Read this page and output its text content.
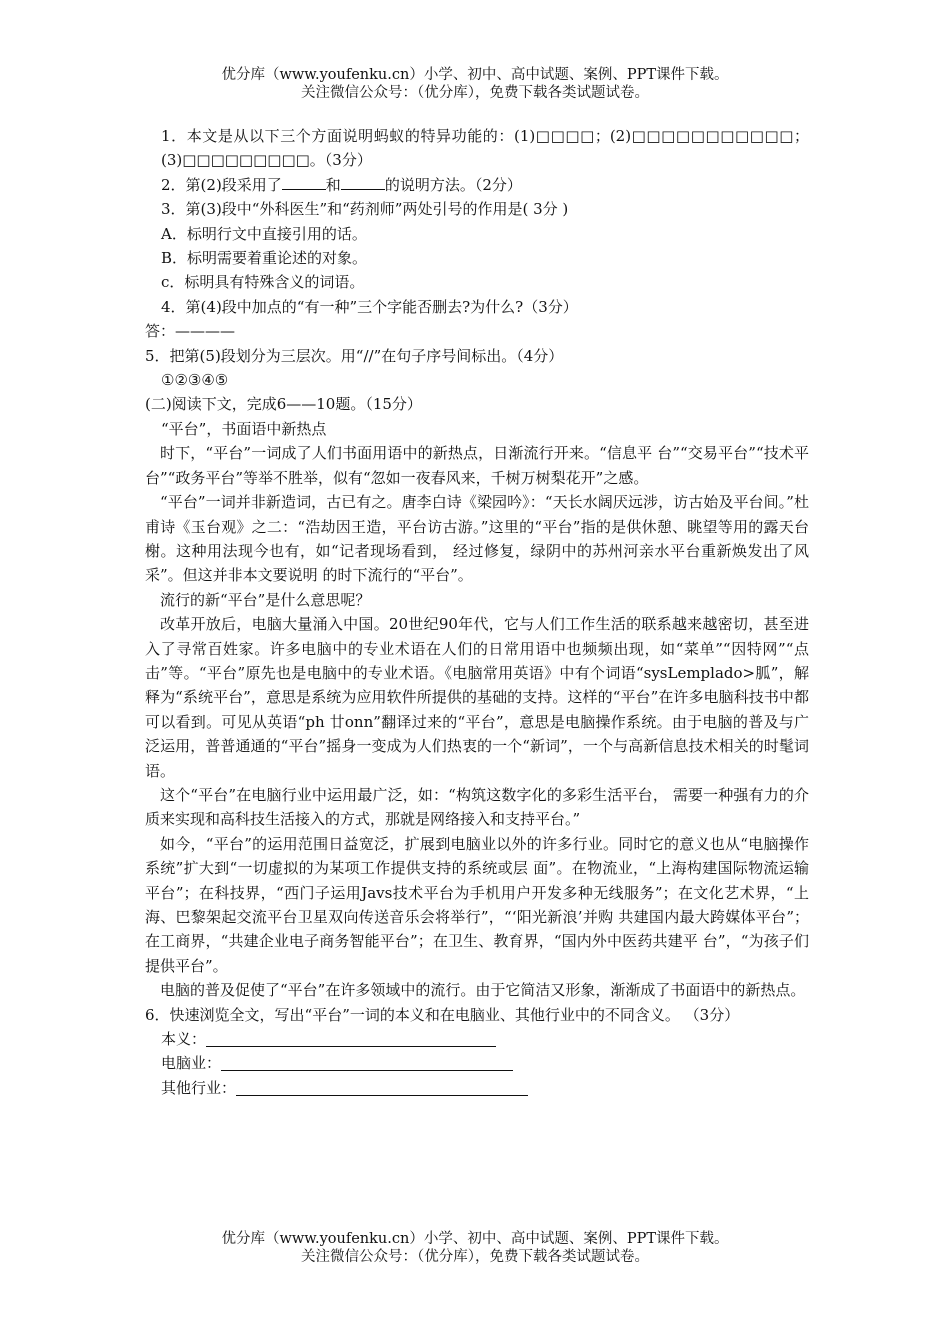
优分库（www.youfenku.cn）小学、初中、高中试题、案例、PPT课件下载。
关注微信公众号：（优分库），免费下载各类试题试卷。

1．本文是从以下三个方面说明蚂蚁的特异功能的：(1)□□□□；(2)□□□□□□□□□□□；(3)□□□□□□□□□。（3分）

2．第(2)段采用了	和	的说明方法。（2分）

3．第(3)段中“外科医生”和“药剂师”两处引号的作用是( 3分 )

A．标明行文中直接引用的话。

B．标明需要着重论述的对象。

c．标明具有特殊含义的词语。

4．第(4)段中加点的“有一种”三个字能否删去?为什么?（3分）

答：————

5．把第(5)段划分为三层次。用“//”在句子序号间标出。（4分）

①②③④⑤

(二)阅读下文，完成6——10题。（15分）

“平台”，书面语中新热点

时下，“平台”一词成了人们书面用语中的新热点，日渐流行开来。“信息平 台”“交易平台”“技术平台”“政务平台”等举不胜举，似有“忽如一夜春风来，千树万树梨花开”之感。

“平台”一词并非新造词，古已有之。唐李白诗《梁园吟》：“天长水阔厌远涉，访古始及平台间。”杜甫诗《玉台观》之二：“浩劫因王造，平台访古游。”这里的“平台”指的是供休憩、眺望等用的露天台榭。这种用法现今也有，如“记者现场看到， 经过修复，绿阴中的苏州河亲水平台重新焕发出了风采”。但这并非本文要说明 的时下流行的“平台”。

流行的新“平台”是什么意思呢？

改革开放后，电脑大量涌入中国。20世纪90年代，它与人们工作生活的联系越来越密切，甚至进入了寻常百姓家。许多电脑中的专业术语在人们的日常用语中也频频出现，如“菜单”“因特网”“点击”等。“平台”原先也是电脑中的专业术语。《电脑常用英语》中有个词语“sysLemplado>胍”，解释为“系统平台”，意思是系统为应用软件所提供的基础的支持。这样的“平台”在许多电脑科技书中都可以看到。可见从英语“ph 廿onn”翻译过来的“平台”，意思是电脑操作系统。由于电脑的普及与广泛运用，普普通通的“平台”摇身一变成为人们热衷的一个“新词”，一个与高新信息技术相关的时髦词语。

这个“平台”在电脑行业中运用最广泛，如：“构筑这数字化的多彩生活平台， 需要一种强有力的介质来实现和高科技生活接入的方式，那就是网络接入和支持平台。”

如今，“平台”的运用范围日益宽泛，扩展到电脑业以外的许多行业。同时它的意义也从“电脑操作系统”扩大到“一切虚拟的为某项工作提供支持的系统或层 面”。在物流业，“上海构建国际物流运输平台”；在科技界，“西门子运用Javs技术平台为手机用户开发多种无线服务”；在文化艺术界，“上海、巴黎架起交流平台卫星双向传送音乐会将举行”，“‘阳光新浪’并购 共建国内最大跨媒体平台”； 在工商界，“共建企业电子商务智能平台”；在卫生、教育界，“国内外中医药共建平 台”，“为孩子们提供平台”。

电脑的普及促使了“平台”在许多领域中的流行。由于它简洁又形象，渐渐成了书面语中的新热点。

6．快速浏览全文，写出“平台”一词的本义和在电脑业、其他行业中的不同含义。 （3分）

本义：

电脑业：

其他行业：

优分库（www.youfenku.cn）小学、初中、高中试题、案例、PPT课件下载。
关注微信公众号：（优分库），免费下载各类试题试卷。
